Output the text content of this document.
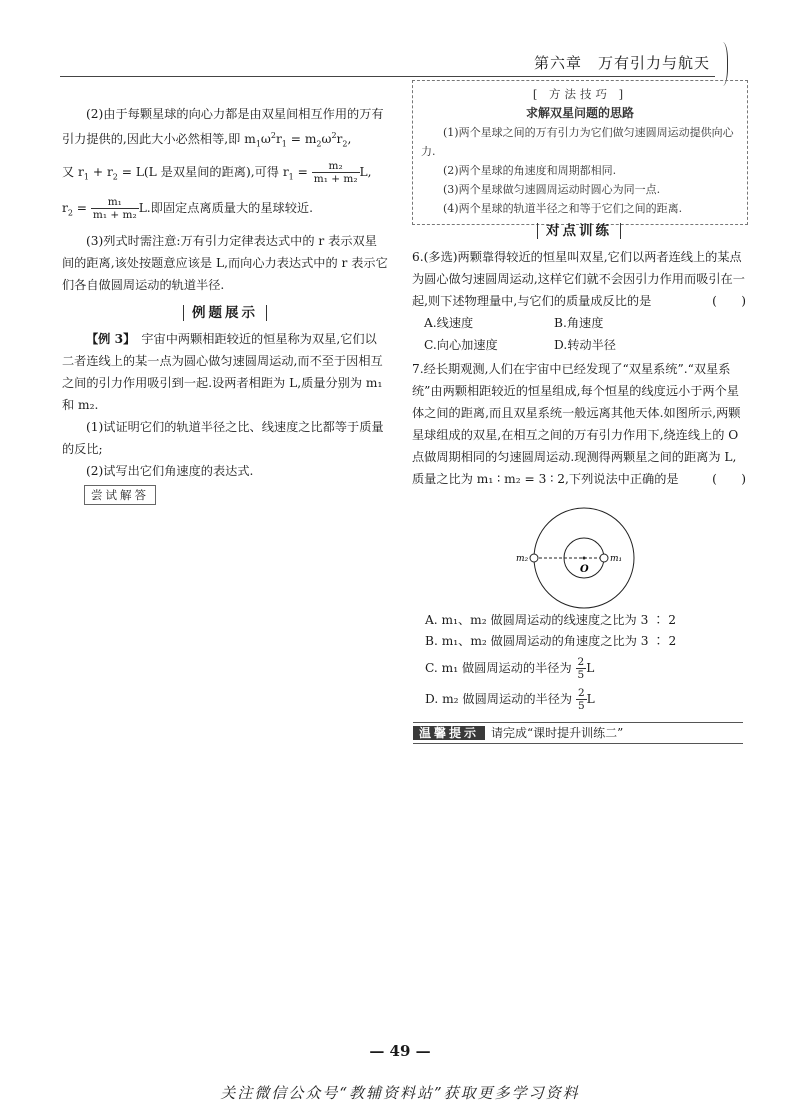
第六章　万有引力与航天

(2)由于每颗星球的向心力都是由双星间相互作用的万有引力提供的,因此大小必然相等,即 $m_1\omega^2r_1 = m_2\omega^2r_2$,

又 $r_1 + r_2 = L(L$ 是双星间的距离),可得 $r_1 = \frac{\text{m₂}}{\text{m₁ + m₂}} L$,

$r_2 = \frac{\text{m₁}}{\text{m₁ + m₂}} L$.即固定点离质量大的星球较近.

(3)列式时需注意:万有引力定律表达式中的 r 表示双星间的距离,该处按题意应该是 L,而向心力表达式中的 r 表示它们各自做圆周运动的轨道半径.

例题展示

【例 3】　 宇宙中两颗相距较近的恒星称为双星,它们以二者连线上的某一点为圆心做匀速圆周运动,而不至于因相互之间的引力作用吸引到一起.设两者相距为 L,质量分别为 m₁ 和 m₂.

(1)试证明它们的轨道半径之比、线速度之比都等于质量的反比;

(2)试写出它们角速度的表达式.

尝试解答

[ 方法技巧 ]
求解双星问题的思路

(1)两个星球之间的万有引力为它们做匀速圆周运动提供向心力.

(2)两个星球的角速度和周期都相同.

(3)两个星球做匀速圆周运动时圆心为同一点.

(4)两个星球的轨道半径之和等于它们之间的距离.

对点训练

6.(多选)两颗靠得较近的恒星叫双星,它们以两者连线上的某点为圆心做匀速圆周运动,这样它们就不会因引力作用而吸引在一起,则下述物理量中,与它们的质量成反比的是	(　　)

A.线速度	B.角速度
C.向心加速度	D.转动半径

7.经长期观测,人们在宇宙中已经发现了“双星系统”.“双星系统”由两颗相距较近的恒星组成,每个恒星的线度远小于两个星体之间的距离,而且双星系统一般远离其他天体.如图所示,两颗星球组成的双星,在相互之间的万有引力作用下,绕连线上的 O 点做周期相同的匀速圆周运动.现测得两颗星之间的距离为 L,质量之比为 m₁ ∶ m₂ = 3 ∶ 2,下列说法中正确的是	(　　)

m₂	m₁
O

A. m₁、m₂ 做圆周运动的线速度之比为 3 ∶ 2

B. m₁、m₂ 做圆周运动的角速度之比为 3 ∶ 2

C. m₁ 做圆周运动的半径为 $\frac{2}{5}$ L

D. m₂ 做圆周运动的半径为 $\frac{2}{5}$ L

温馨提示 请完成“课时提升训练二”
— 49 —
关注微信公众号“教辅资料站”获取更多学习资料
